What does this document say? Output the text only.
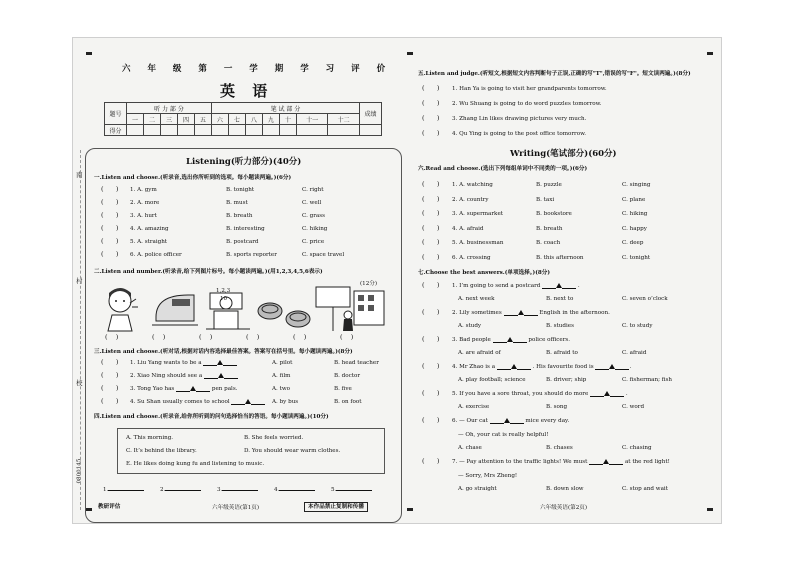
南
村
校
0800145
六 年 级 第 一 学 期 学 习 评 价
英 语
题号	听 力 部 分					笔 试 部 分							成绩
	一	二	三	四	五	六	七	八	九	十	十一	十二	
得分													
Listening(听力部分)(40分)
一.Listen and choose.(听录音,选出你所听到的选项。每小题读两遍。)(6分)
(      ) 1. A. gym	B. tonight	C. right
(      ) 2. A. more	B. must	C. well
(      ) 3. A. hurt	B. breath	C. grass
(      ) 4. A. amazing	B. interesting	C. hiking
(      ) 5. A. straight	B. postcard	C. price
(      ) 6. A. police officer	B. sports reporter	C. space travel
二.Listen and number.(听录音,给下列图片标号。每小题读两遍。)(用1,2,3,4,5,6表示)
(12分)
1,2,3
10
(    )	(    )	(    )	(    )	(    )	(    )
三.Listen and choose.(听对话,根据对话内容选择最佳答案。答案写在括号里。每小题读两遍。)(8分)
(      ) 1. Liu Yang wants to be a	A. pilot	B. head teacher
(      ) 2. Xiao Ning should see a	A. film	B. doctor
(      ) 3. Tong Yao has	pen pals.	A. two	B. five
(      ) 4. Su Shan usually comes to school	A. by bus	B. on foot
四.Listen and choose.(听录音,给你所听到的问句选择恰当的答语。每小题读两遍。)(10分)
A. This morning.	B. She feels worried.
C. It’s behind the library.	D. You should wear warm clothes.
E. He likes doing kung fu and listening to music.
1.	2.	3.	4.	5.
五.Listen and judge.(听短文,根据短文内容判断句子正误,正确的写"T",错误的写"F"。短文读两遍。)(8分)
(      ) 1. Han Ya is going to visit her grandparents tomorrow.
(      ) 2. Wu Shuang is going to do word puzzles tomorrow.
(      ) 3. Zhang Lin likes drawing pictures very much.
(      ) 4. Qu Ying is going to the post office tomorrow.
Writing(笔试部分)(60分)
六.Read and choose.(选出下列每组单词中不同类的一项。)(6分)
(      ) 1. A. watching	B. puzzle	C. singing
(      ) 2. A. country	B. taxi	C. plane
(      ) 3. A. supermarket	B. bookstore	C. hiking
(      ) 4. A. afraid	B. breath	C. happy
(      ) 5. A. businessman	B. coach	C. deep
(      ) 6. A. crossing	B. this afternoon	C. tonight
七.Choose the best answers.(单项选择。)(8分)
(      ) 1. I’m going to send a postcard	.
A. next week	B. next to	C. seven o’clock
(      ) 2. Lily sometimes	English in the afternoon.
A. study	B. studies	C. to study
(      ) 3. Bad people	police officers.
A. are afraid of	B. afraid to	C. afraid
(      ) 4. Mr Zhao is a	. His favourite food is	.
A. play football; science	B. driver; ship	C. fisherman; fish
(      ) 5. If you have a sore throat, you should do more	.
A. exercise	B. song	C. word
(      ) 6. — Our cat	mice every day.
— Oh, your cat is really helpful!
A. chase	B. chases	C. chasing
(      ) 7. — Pay attention to the traffic lights! We must	at the red light!
— Sorry, Mrs Zheng!
A. go straight	B. down slow	C. stop and wait
教研评估	六年级英语(第1页)	本作品禁止复制和传播	六年级英语(第2页)
